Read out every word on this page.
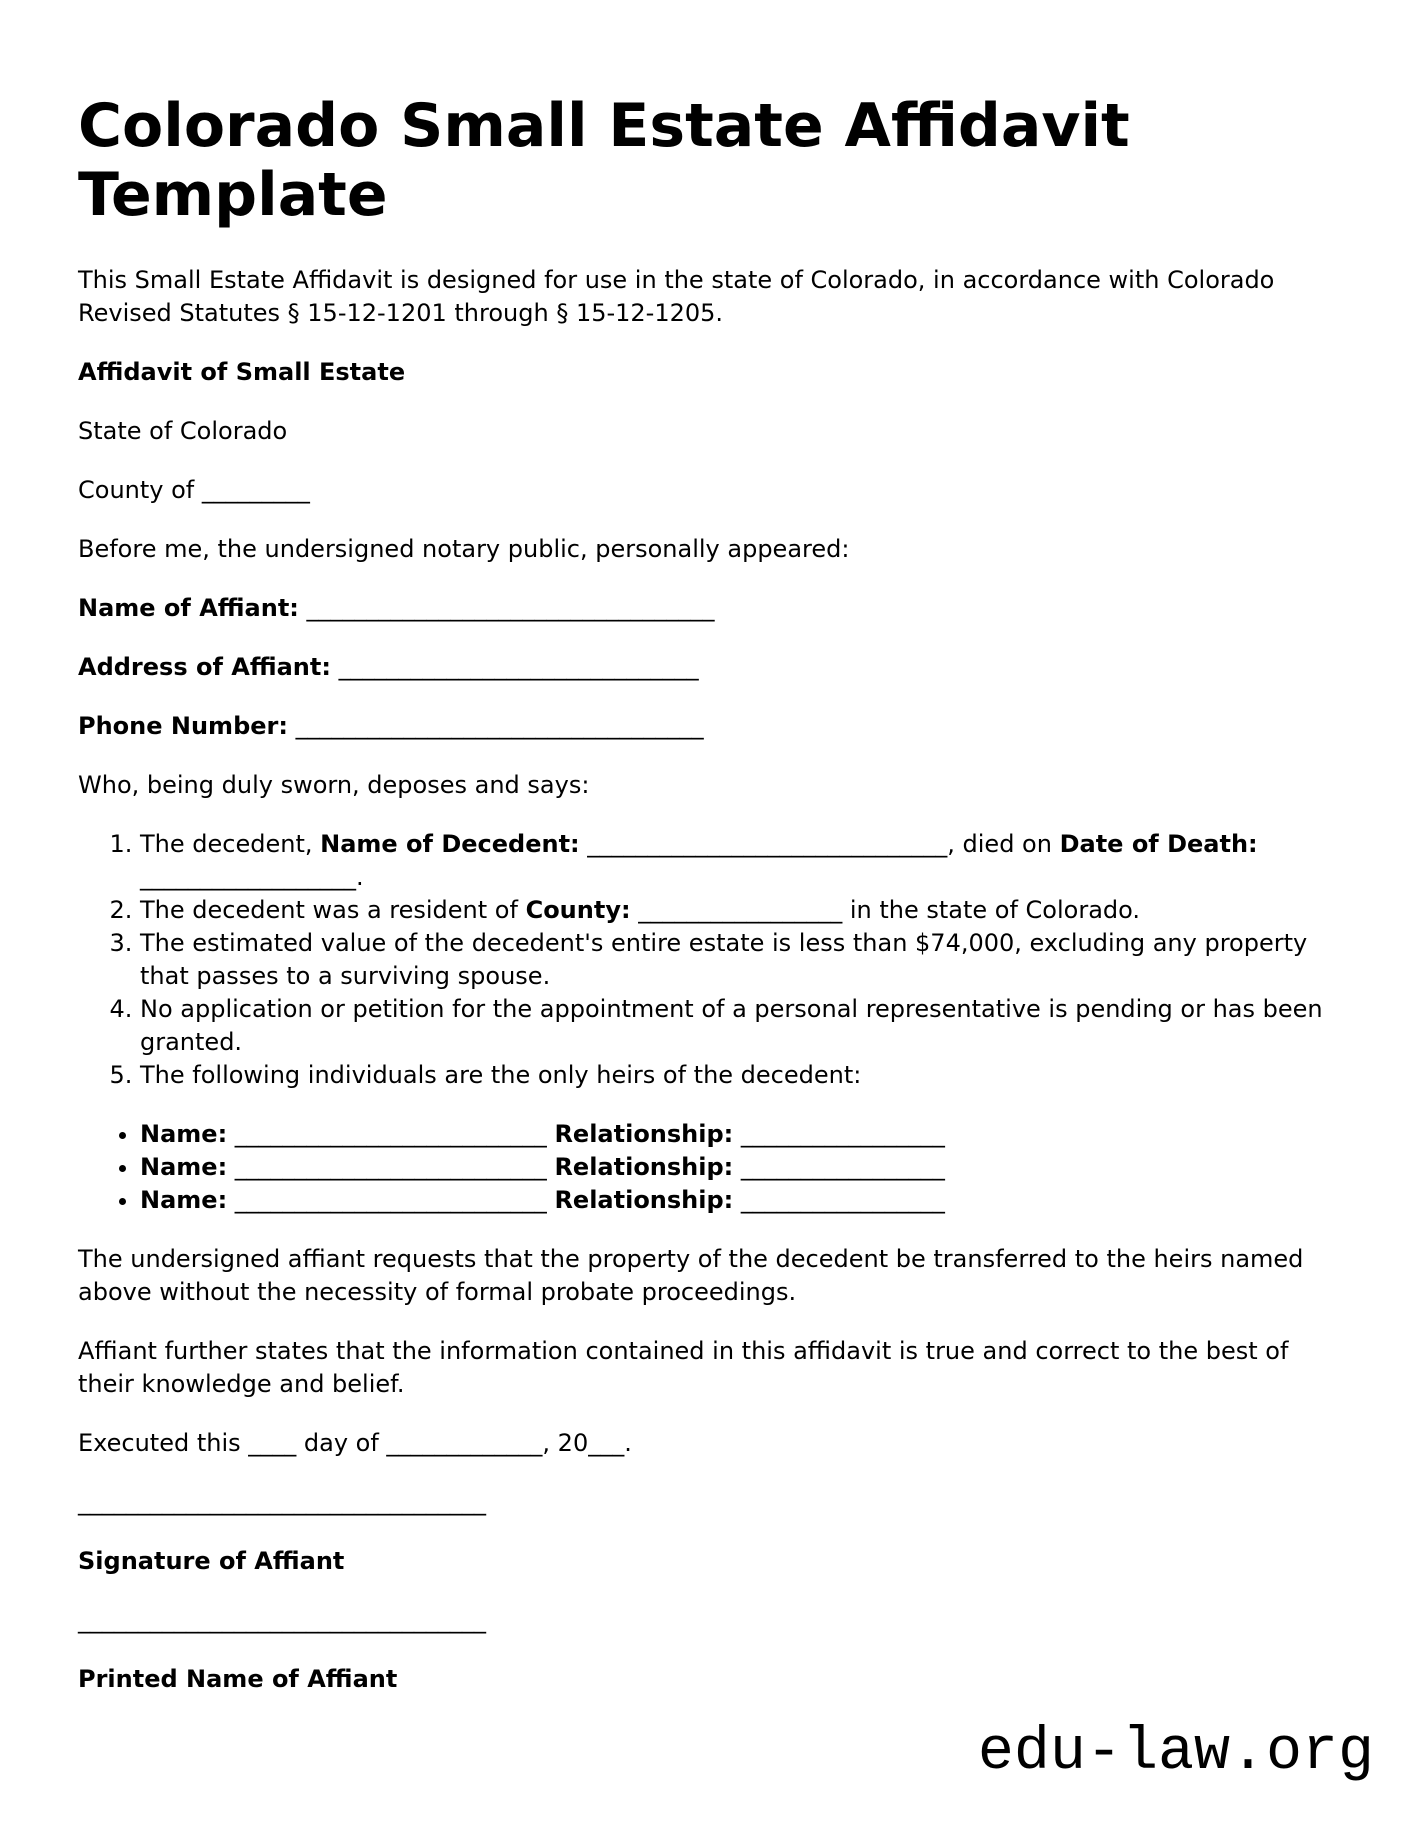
Colorado Small Estate Affidavit Template

This Small Estate Affidavit is designed for use in the state of Colorado, in accordance with Colorado Revised Statutes § 15-12-1201 through § 15-12-1205.

Affidavit of Small Estate

State of Colorado

County of _________

Before me, the undersigned notary public, personally appeared:

Name of Affiant: __________________________________

Address of Affiant: ______________________________

Phone Number: __________________________________

Who, being duly sworn, deposes and says:

1. The decedent, Name of Decedent: ______________________________, died on Date of Death: __________________.
2. The decedent was a resident of County: _________________ in the state of Colorado.
3. The estimated value of the decedent's entire estate is less than $74,000, excluding any property that passes to a surviving spouse.
4. No application or petition for the appointment of a personal representative is pending or has been granted.
5. The following individuals are the only heirs of the decedent:
• Name: __________________________ Relationship: _________________
• Name: __________________________ Relationship: _________________
• Name: __________________________ Relationship: _________________

The undersigned affiant requests that the property of the decedent be transferred to the heirs named above without the necessity of formal probate proceedings.

Affiant further states that the information contained in this affidavit is true and correct to the best of their knowledge and belief.

Executed this ____ day of _____________, 20___.

__________________________________

Signature of Affiant

__________________________________

Printed Name of Affiant

edu-law.org
